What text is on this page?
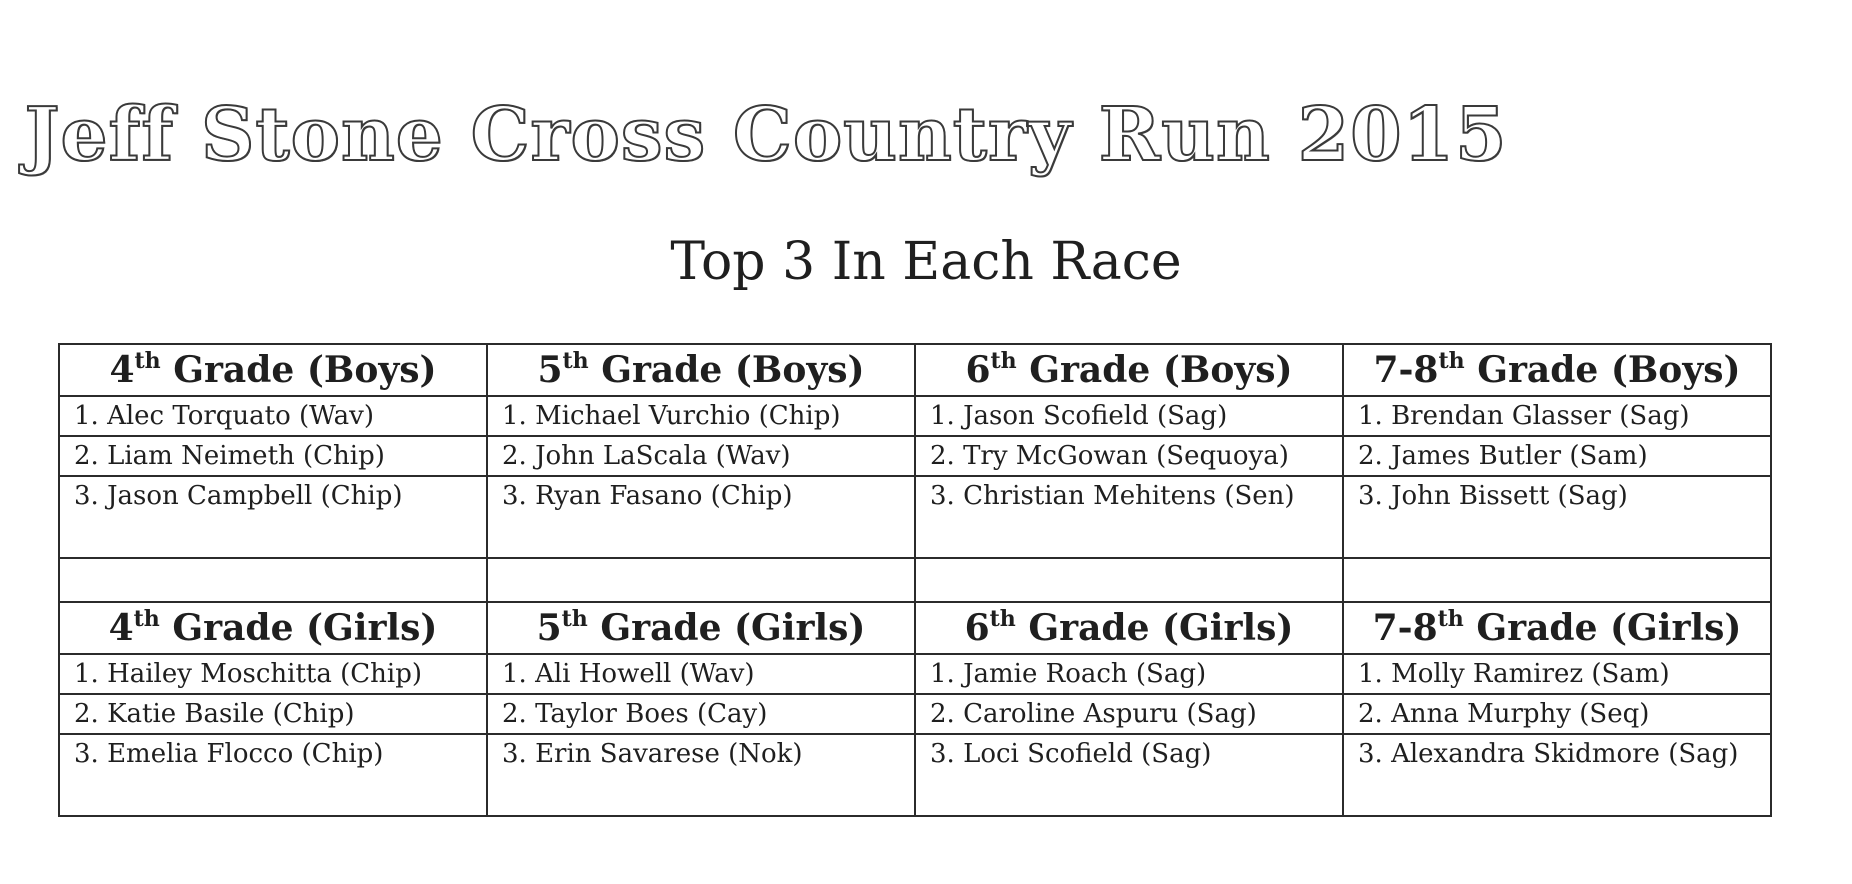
Jeff Stone Cross Country Run 2015
Top 3 In Each Race
4th Grade (Boys)	5th Grade (Boys)	6th Grade (Boys)	7-8th Grade (Boys)
1. Alec Torquato (Wav)	1. Michael Vurchio (Chip)	1. Jason Scofield (Sag)	1. Brendan Glasser (Sag)
2. Liam Neimeth (Chip)	2. John LaScala (Wav)	2. Try McGowan (Sequoya)	2. James Butler (Sam)
3. Jason Campbell (Chip)	3. Ryan Fasano (Chip)	3. Christian Mehitens (Sen)	3. John Bissett (Sag)

4th Grade (Girls)	5th Grade (Girls)	6th Grade (Girls)	7-8th Grade (Girls)
1. Hailey Moschitta (Chip)	1. Ali Howell (Wav)	1. Jamie Roach (Sag)	1. Molly Ramirez (Sam)
2. Katie Basile (Chip)	2. Taylor Boes (Cay)	2. Caroline Aspuru (Sag)	2. Anna Murphy (Seq)
3. Emelia Flocco (Chip)	3. Erin Savarese (Nok)	3. Loci Scofield (Sag)	3. Alexandra Skidmore (Sag)
